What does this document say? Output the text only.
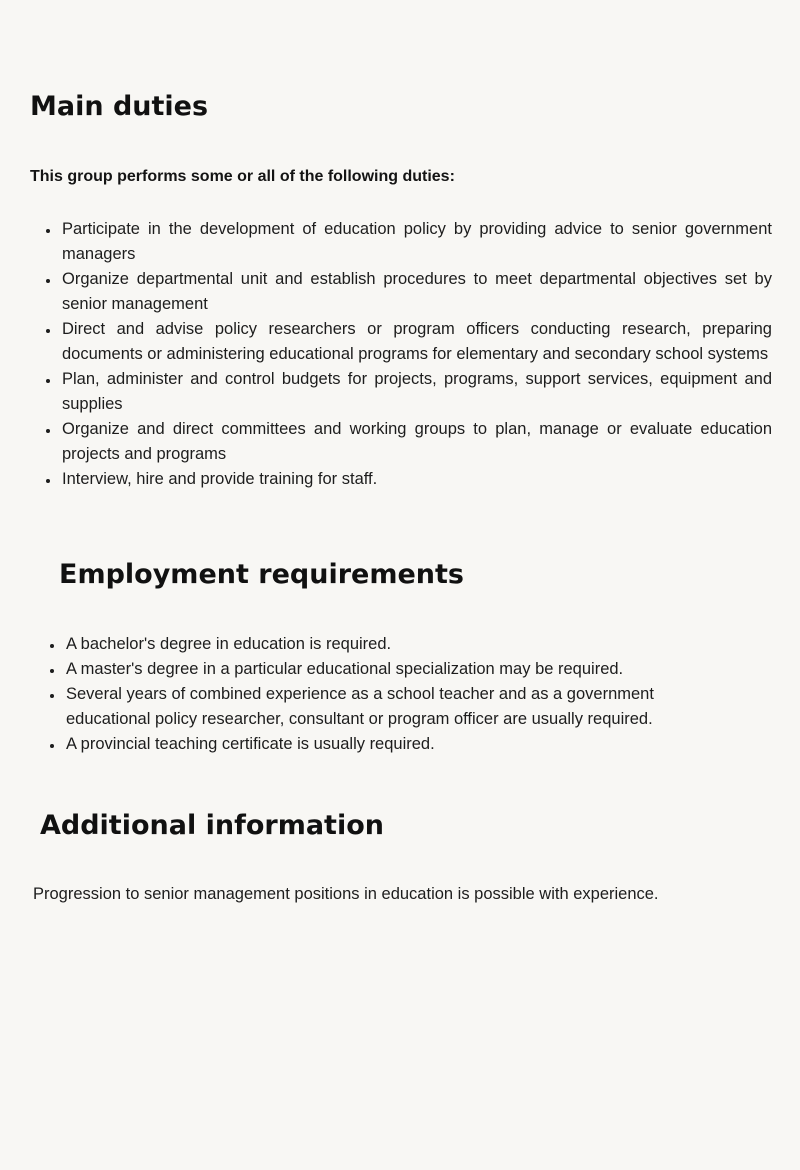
Main duties

This group performs some or all of the following duties:

• Participate in the development of education policy by providing advice to senior government managers
• Organize departmental unit and establish procedures to meet departmental objectives set by senior management
• Direct and advise policy researchers or program officers conducting research, preparing documents or administering educational programs for elementary and secondary school systems
• Plan, administer and control budgets for projects, programs, support services, equipment and supplies
• Organize and direct committees and working groups to plan, manage or evaluate education projects and programs
• Interview, hire and provide training for staff.
Employment requirements
• A bachelor's degree in education is required.
• A master's degree in a particular educational specialization may be required.
• Several years of combined experience as a school teacher and as a government educational policy researcher, consultant or program officer are usually required.
• A provincial teaching certificate is usually required.
Additional information

Progression to senior management positions in education is possible with experience.
